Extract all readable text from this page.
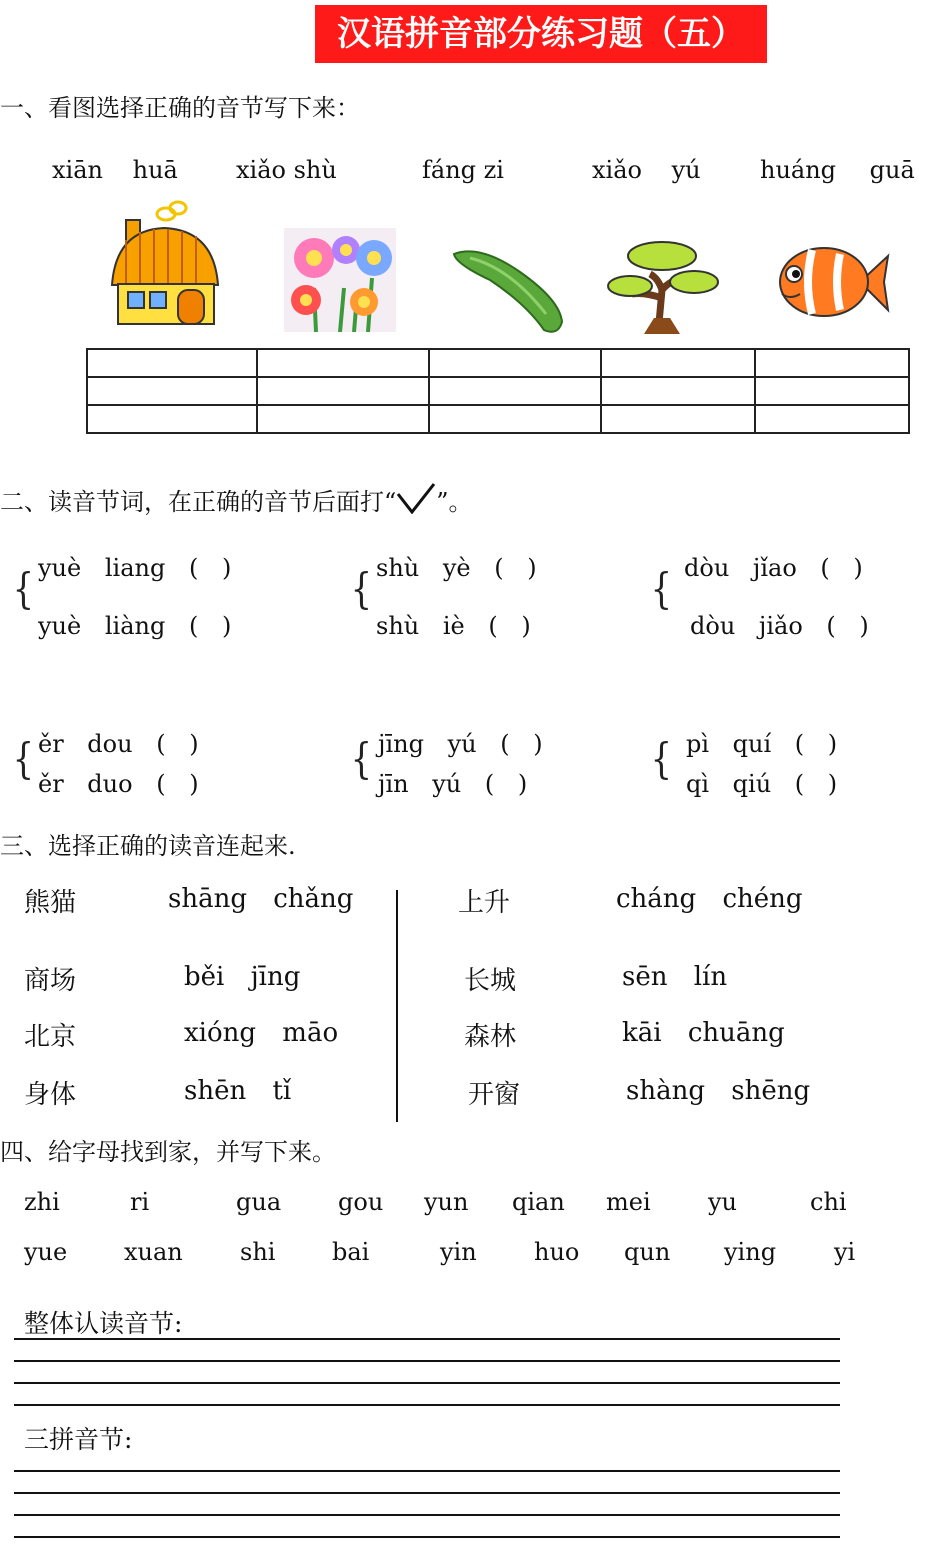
汉语拼音部分练习题（五）
一、看图选择正确的音节写下来：
xiān huā xiǎo shù	fáng zi	xiǎo yú huáng guā

二、读音节词，在正确的音节后面打“ ”。
{ yuè liang ( )
yuè liàng ( )
{ shù yè ( )
shù iè ( )
{ dòu jǐao ( )
dòu jiǎo ( )
{ ěr dou ( )
ěr duo ( )
{ jīng yú ( )
jīn yú ( )
{ pì quí ( )
qì qiú ( )
三、选择正确的读音连起来.
熊猫
商场
北京
身体
shāng chǎng
běi jīng
xióng māo
shēn tǐ
上升
长城
森林
开窗
cháng chéng
sēn lín
kāi chuāng
shàng shēng
四、给字母找到家，并写下来。
zhi	ri	gua gou yun qian mei yu	chi
yue xuan shi bai	yin huo qun ying yi
整体认读音节:
三拼音节:
